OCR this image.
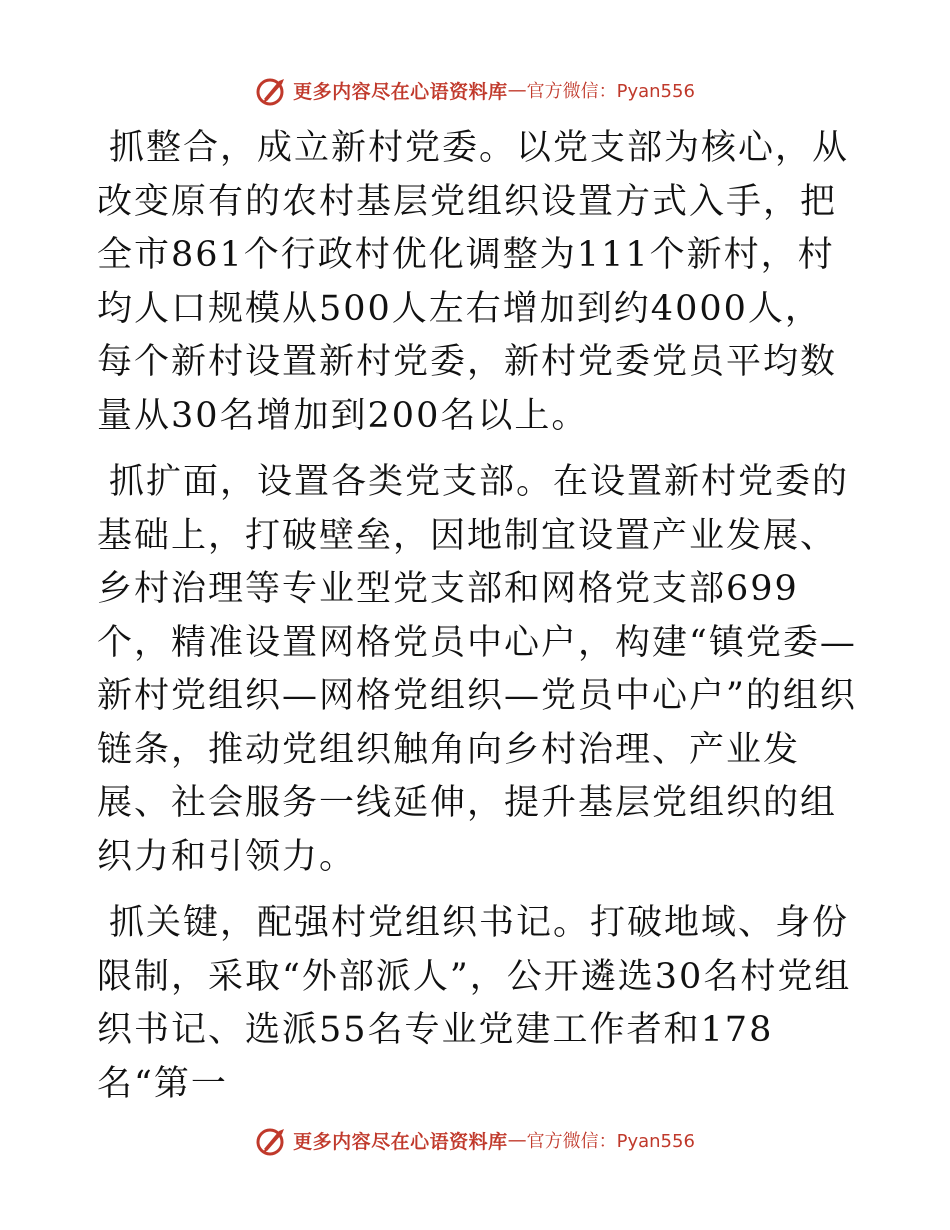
更多内容尽在心语资料库 — 官方微信：Pyan556

抓整合，成立新村党委。以党支部为核心，从改变原有的农村基层党组织设置方式入手，把全市861个行政村优化调整为111个新村，村均人口规模从500人左右增加到约4000人，每个新村设置新村党委，新村党委党员平均数量从30名增加到200名以上。

抓扩面，设置各类党支部。在设置新村党委的基础上，打破壁垒，因地制宜设置产业发展、乡村治理等专业型党支部和网格党支部699个，精准设置网格党员中心户，构建“镇党委—新村党组织—网格党组织—党员中心户”的组织链条，推动党组织触角向乡村治理、产业发展、社会服务一线延伸，提升基层党组织的组织力和引领力。

抓关键，配强村党组织书记。打破地域、身份限制，采取“外部派人”，公开遴选30名村党组织书记、选派55名专业党建工作者和178名“第一

更多内容尽在心语资料库 — 官方微信：Pyan556
